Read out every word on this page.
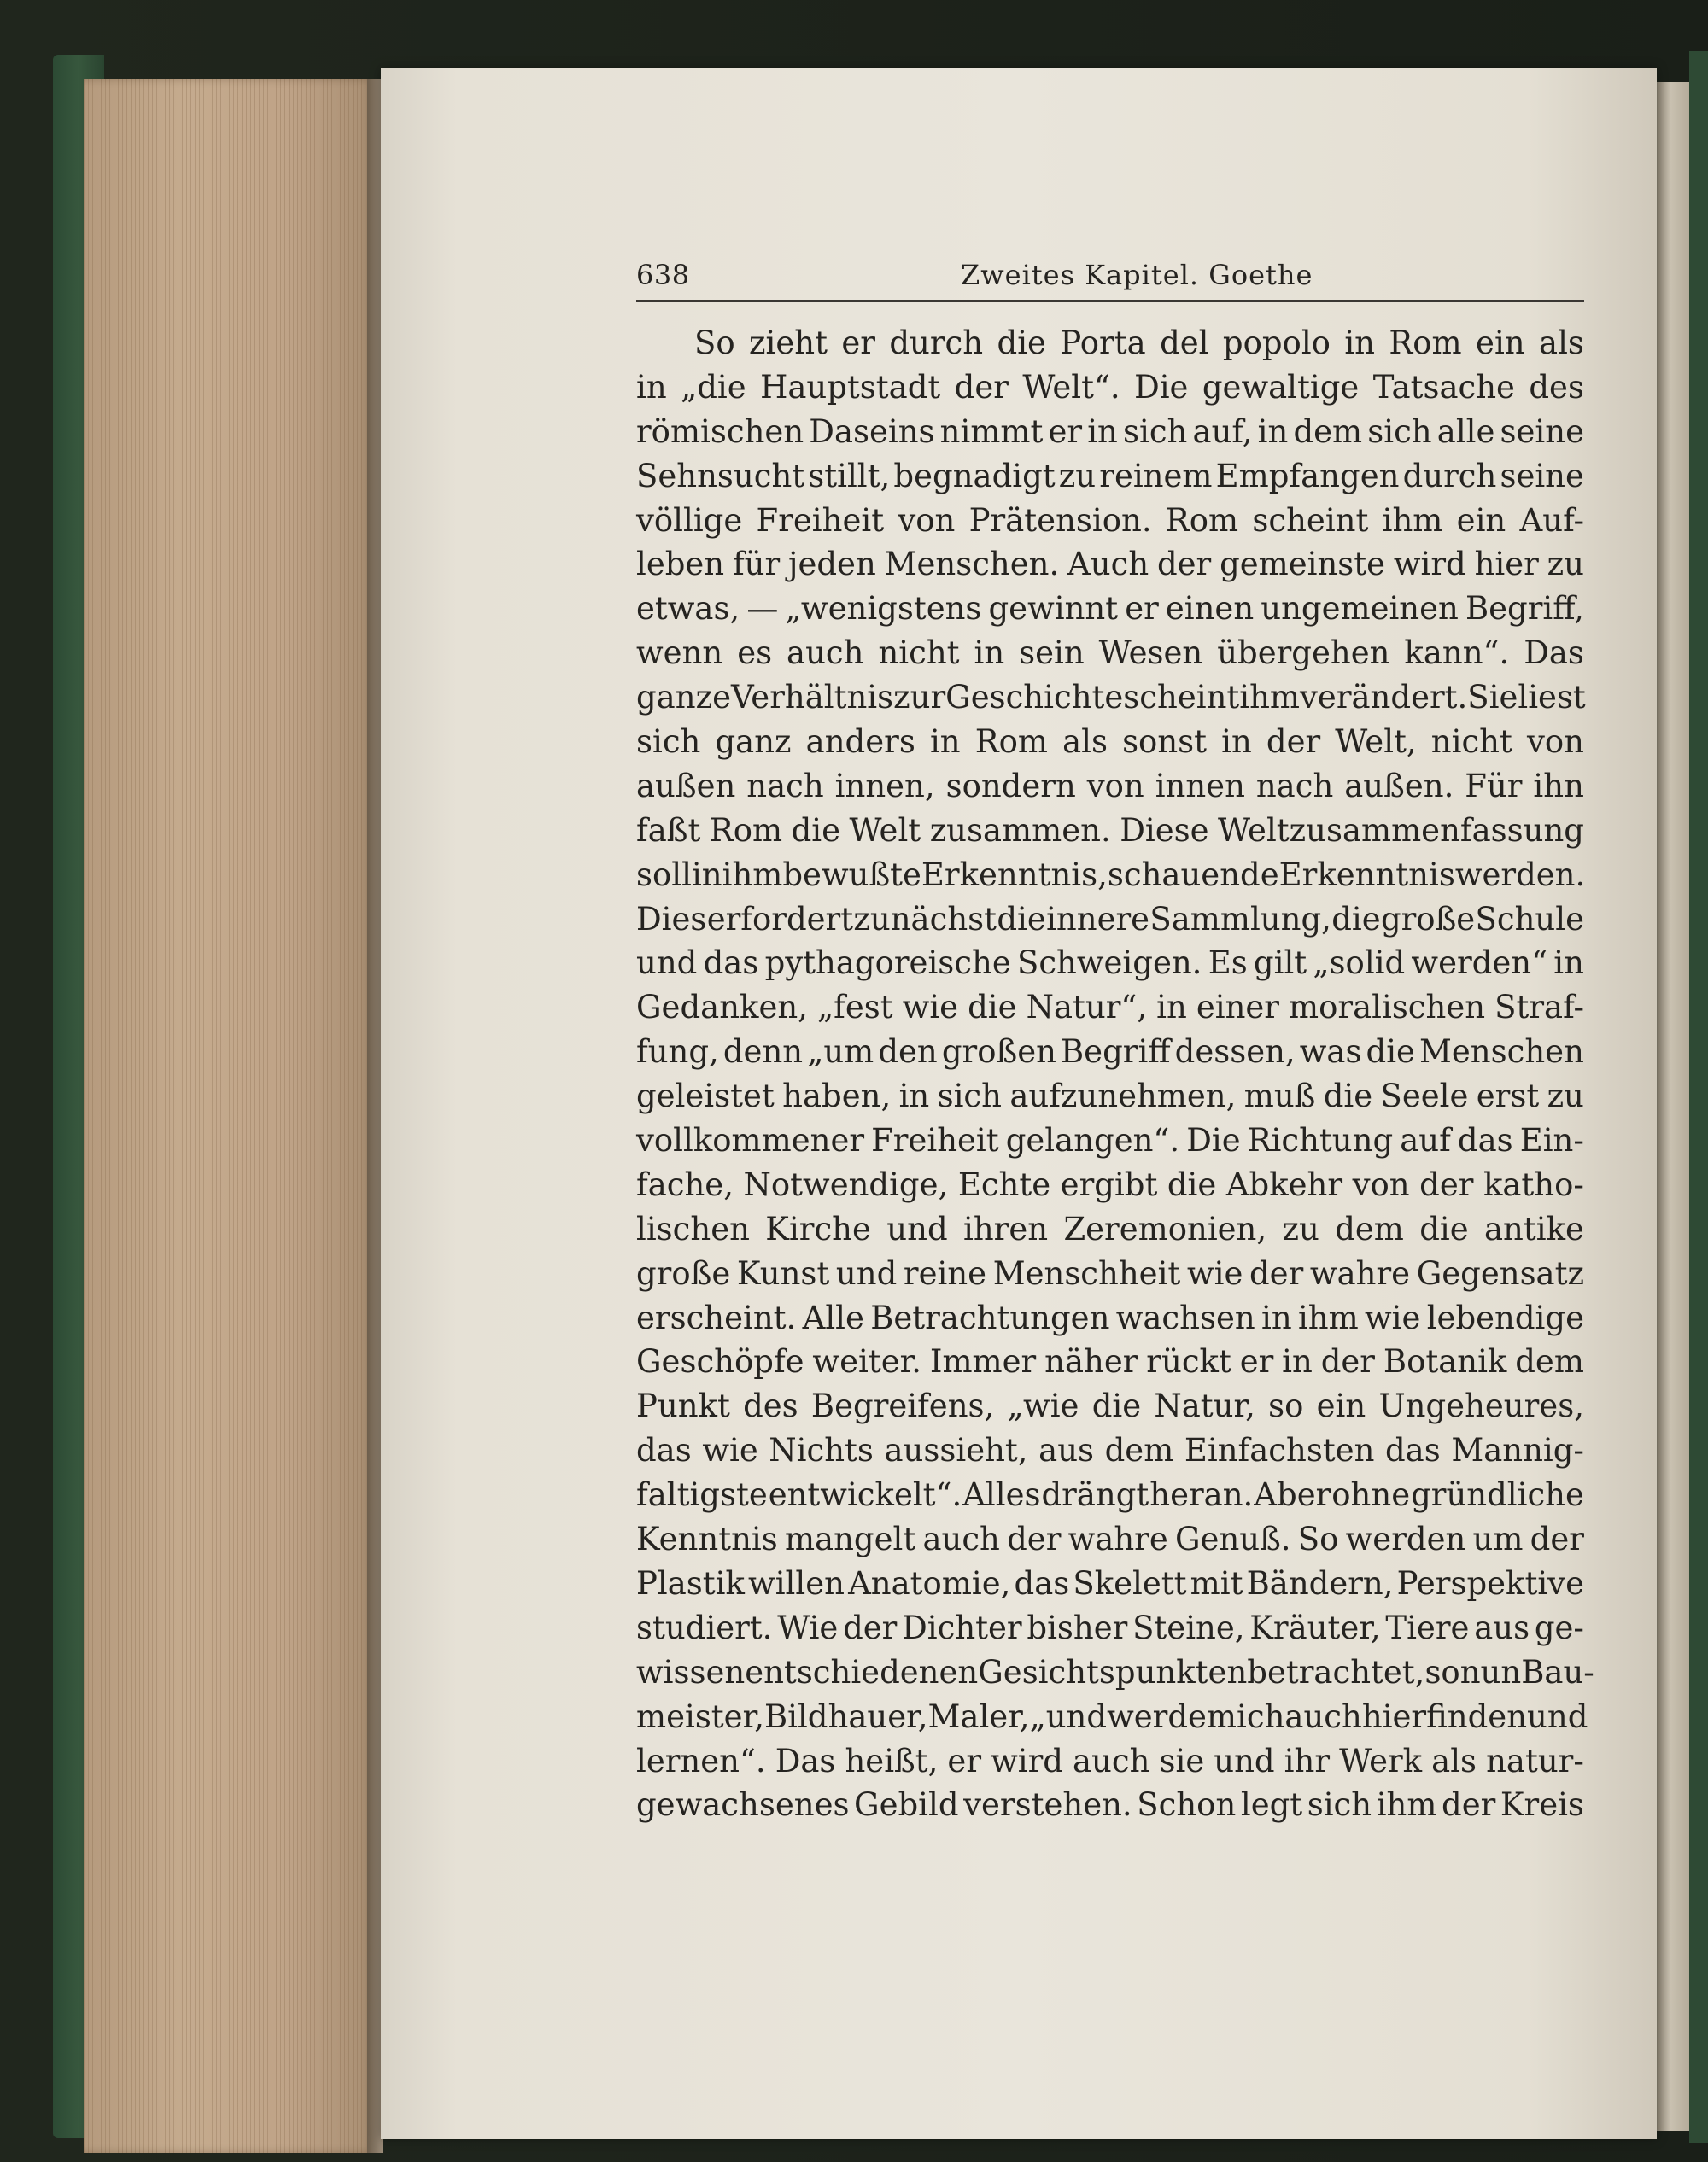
638	Zweites Kapitel. Goethe
So zieht er durch die Porta del popolo in Rom ein als
in „die Hauptstadt der Welt“. Die gewaltige Tatsache des
römischen Daseins nimmt er in sich auf, in dem sich alle seine
Sehnsucht stillt, begnadigt zu reinem Empfangen durch seine
völlige Freiheit von Prätension. Rom scheint ihm ein Auf-
leben für jeden Menschen. Auch der gemeinste wird hier zu
etwas, — „wenigstens gewinnt er einen ungemeinen Begriff,
wenn es auch nicht in sein Wesen übergehen kann“. Das
ganze Verhältnis zur Geschichte scheint ihm verändert. Sie liest
sich ganz anders in Rom als sonst in der Welt, nicht von
außen nach innen, sondern von innen nach außen. Für ihn
faßt Rom die Welt zusammen. Diese Weltzusammenfassung
soll in ihm bewußte Erkenntnis, schauende Erkenntnis werden.
Dies erfordert zunächst die innere Sammlung, die große Schule
und das pythagoreische Schweigen. Es gilt „solid werden“ in
Gedanken, „fest wie die Natur“, in einer moralischen Straf-
fung, denn „um den großen Begriff dessen, was die Menschen
geleistet haben, in sich aufzunehmen, muß die Seele erst zu
vollkommener Freiheit gelangen“. Die Richtung auf das Ein-
fache, Notwendige, Echte ergibt die Abkehr von der katho-
lischen Kirche und ihren Zeremonien, zu dem die antike
große Kunst und reine Menschheit wie der wahre Gegensatz
erscheint. Alle Betrachtungen wachsen in ihm wie lebendige
Geschöpfe weiter. Immer näher rückt er in der Botanik dem
Punkt des Begreifens, „wie die Natur, so ein Ungeheures,
das wie Nichts aussieht, aus dem Einfachsten das Mannig-
faltigste entwickelt“. Alles drängt heran. Aber ohne gründliche
Kenntnis mangelt auch der wahre Genuß. So werden um der
Plastik willen Anatomie, das Skelett mit Bändern, Perspektive
studiert. Wie der Dichter bisher Steine, Kräuter, Tiere aus ge-
wissen entschiedenen Gesichtspunkten betrachtet, so nun Bau-
meister, Bildhauer, Maler, „und werde mich auch hier finden und
lernen“. Das heißt, er wird auch sie und ihr Werk als natur-
gewachsenes Gebild verstehen. Schon legt sich ihm der Kreis
